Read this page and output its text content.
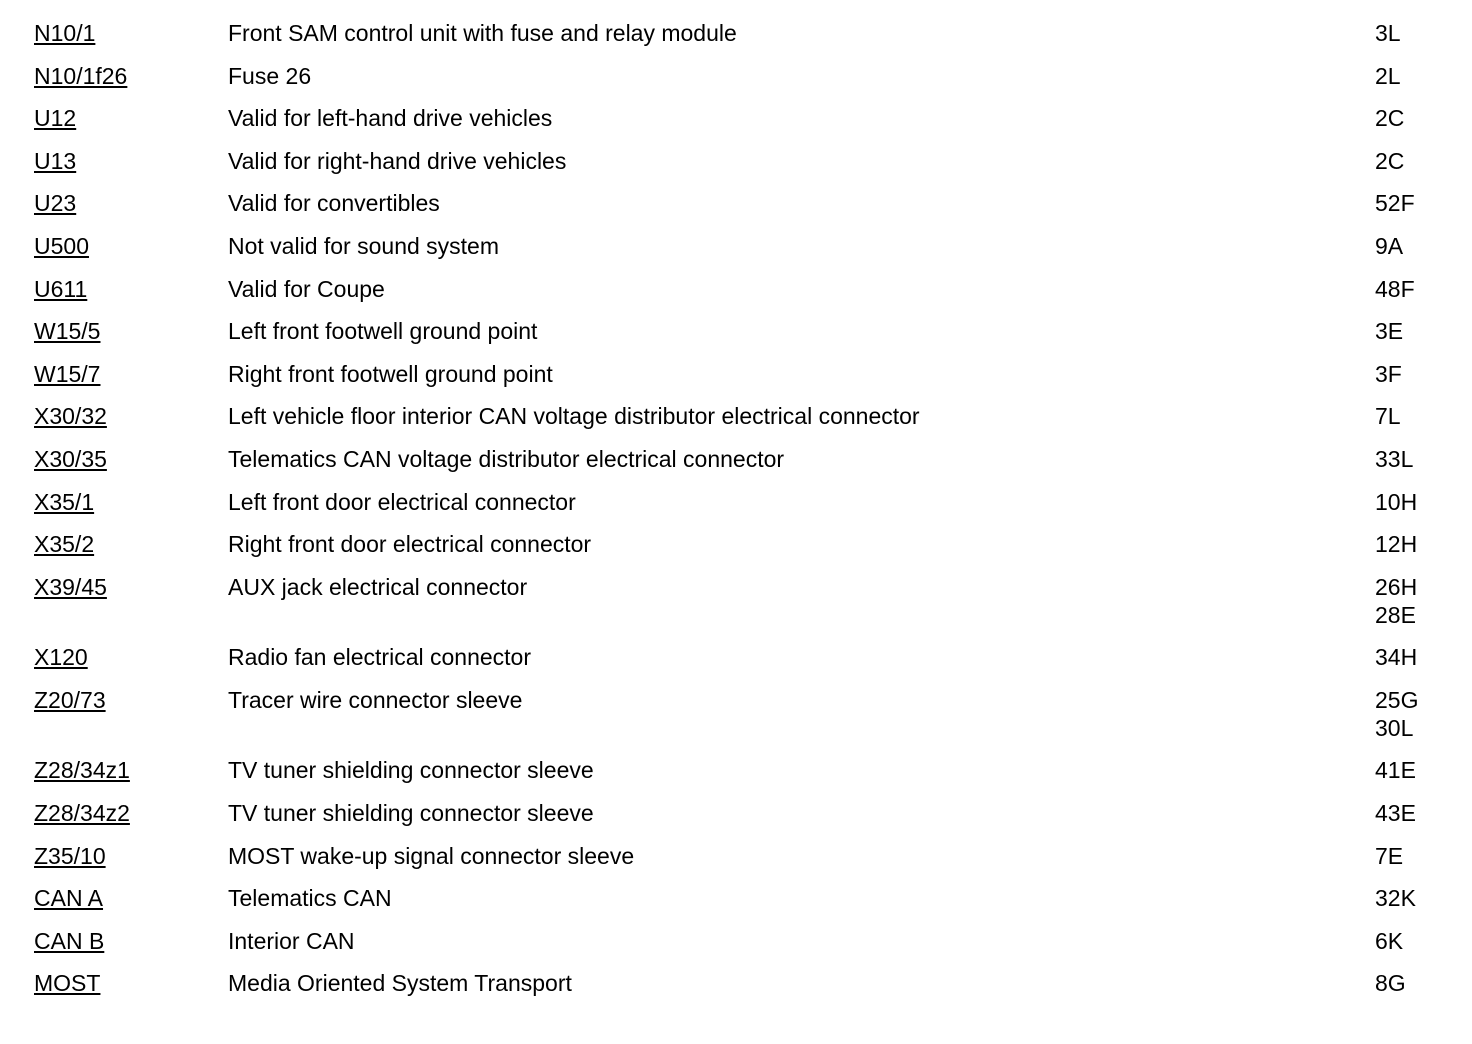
N10/1	Front SAM control unit with fuse and relay module	3L
N10/1f26	Fuse 26	2L
U12	Valid for left-hand drive vehicles	2C
U13	Valid for right-hand drive vehicles	2C
U23	Valid for convertibles	52F
U500	Not valid for sound system	9A
U611	Valid for Coupe	48F
W15/5	Left front footwell ground point	3E
W15/7	Right front footwell ground point	3F
X30/32	Left vehicle floor interior CAN voltage distributor electrical connector	7L
X30/35	Telematics CAN voltage distributor electrical connector	33L
X35/1	Left front door electrical connector	10H
X35/2	Right front door electrical connector	12H
X39/45	AUX jack electrical connector	26H
28E
X120	Radio fan electrical connector	34H
Z20/73	Tracer wire connector sleeve	25G
30L
Z28/34z1	TV tuner shielding connector sleeve	41E
Z28/34z2	TV tuner shielding connector sleeve	43E
Z35/10	MOST wake-up signal connector sleeve	7E
CAN A	Telematics CAN	32K
CAN B	Interior CAN	6K
MOST	Media Oriented System Transport	8G
